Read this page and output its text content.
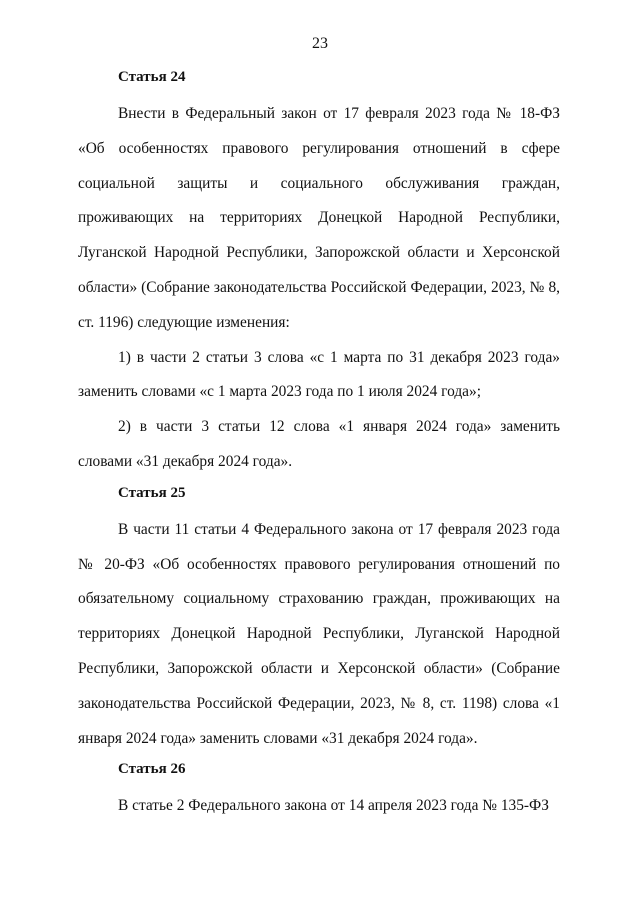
23
Статья 24

Внести в Федеральный закон от 17 февраля 2023 года № 18-ФЗ «Об особенностях правового регулирования отношений в сфере социальной защиты и социального обслуживания граждан, проживающих на территориях Донецкой Народной Республики, Луганской Народной Республики, Запорожской области и Херсонской области» (Собрание законодательства Российской Федерации, 2023, № 8, ст. 1196) следующие изменения:

1) в части 2 статьи 3 слова «с 1 марта по 31 декабря 2023 года» заменить словами «с 1 марта 2023 года по 1 июля 2024 года»;

2) в части 3 статьи 12 слова «1 января 2024 года» заменить словами «31 декабря 2024 года».

Статья 25

В части 11 статьи 4 Федерального закона от 17 февраля 2023 года № 20-ФЗ «Об особенностях правового регулирования отношений по обязательному социальному страхованию граждан, проживающих на территориях Донецкой Народной Республики, Луганской Народной Республики, Запорожской области и Херсонской области» (Собрание законодательства Российской Федерации, 2023, № 8, ст. 1198) слова «1 января 2024 года» заменить словами «31 декабря 2024 года».

Статья 26

В статье 2 Федерального закона от 14 апреля 2023 года № 135-ФЗ
